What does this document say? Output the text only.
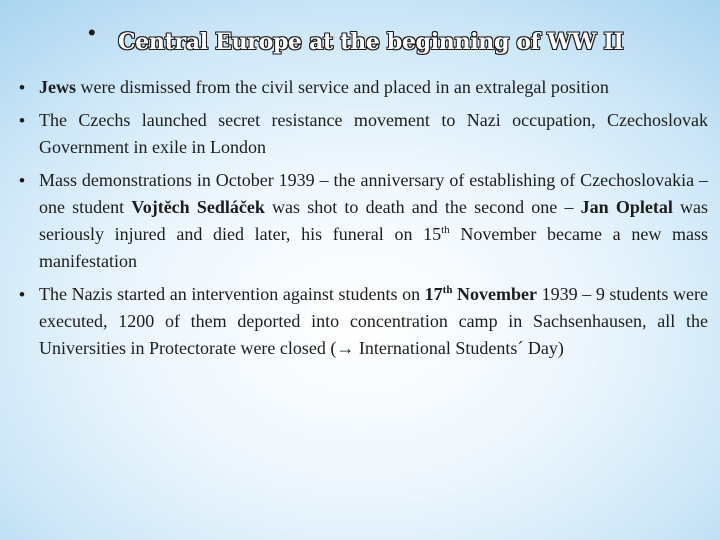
• Central Europe at the beginning of WW II
• Jews were dismissed from the civil service and placed in an extralegal position
• The Czechs launched secret resistance movement to Nazi occupation, Czechoslovak Government in exile in London
• Mass demonstrations in October 1939 – the anniversary of establishing of Czechoslovakia – one student Vojtěch Sedláček was shot to death and the second one – Jan Opletal was seriously injured and died later, his funeral on 15th November became a new mass manifestation
• The Nazis started an intervention against students on 17th November 1939 – 9 students were executed, 1200 of them deported into concentration camp in Sachsenhausen, all the Universities in Protectorate were closed (→ International Students´ Day)
